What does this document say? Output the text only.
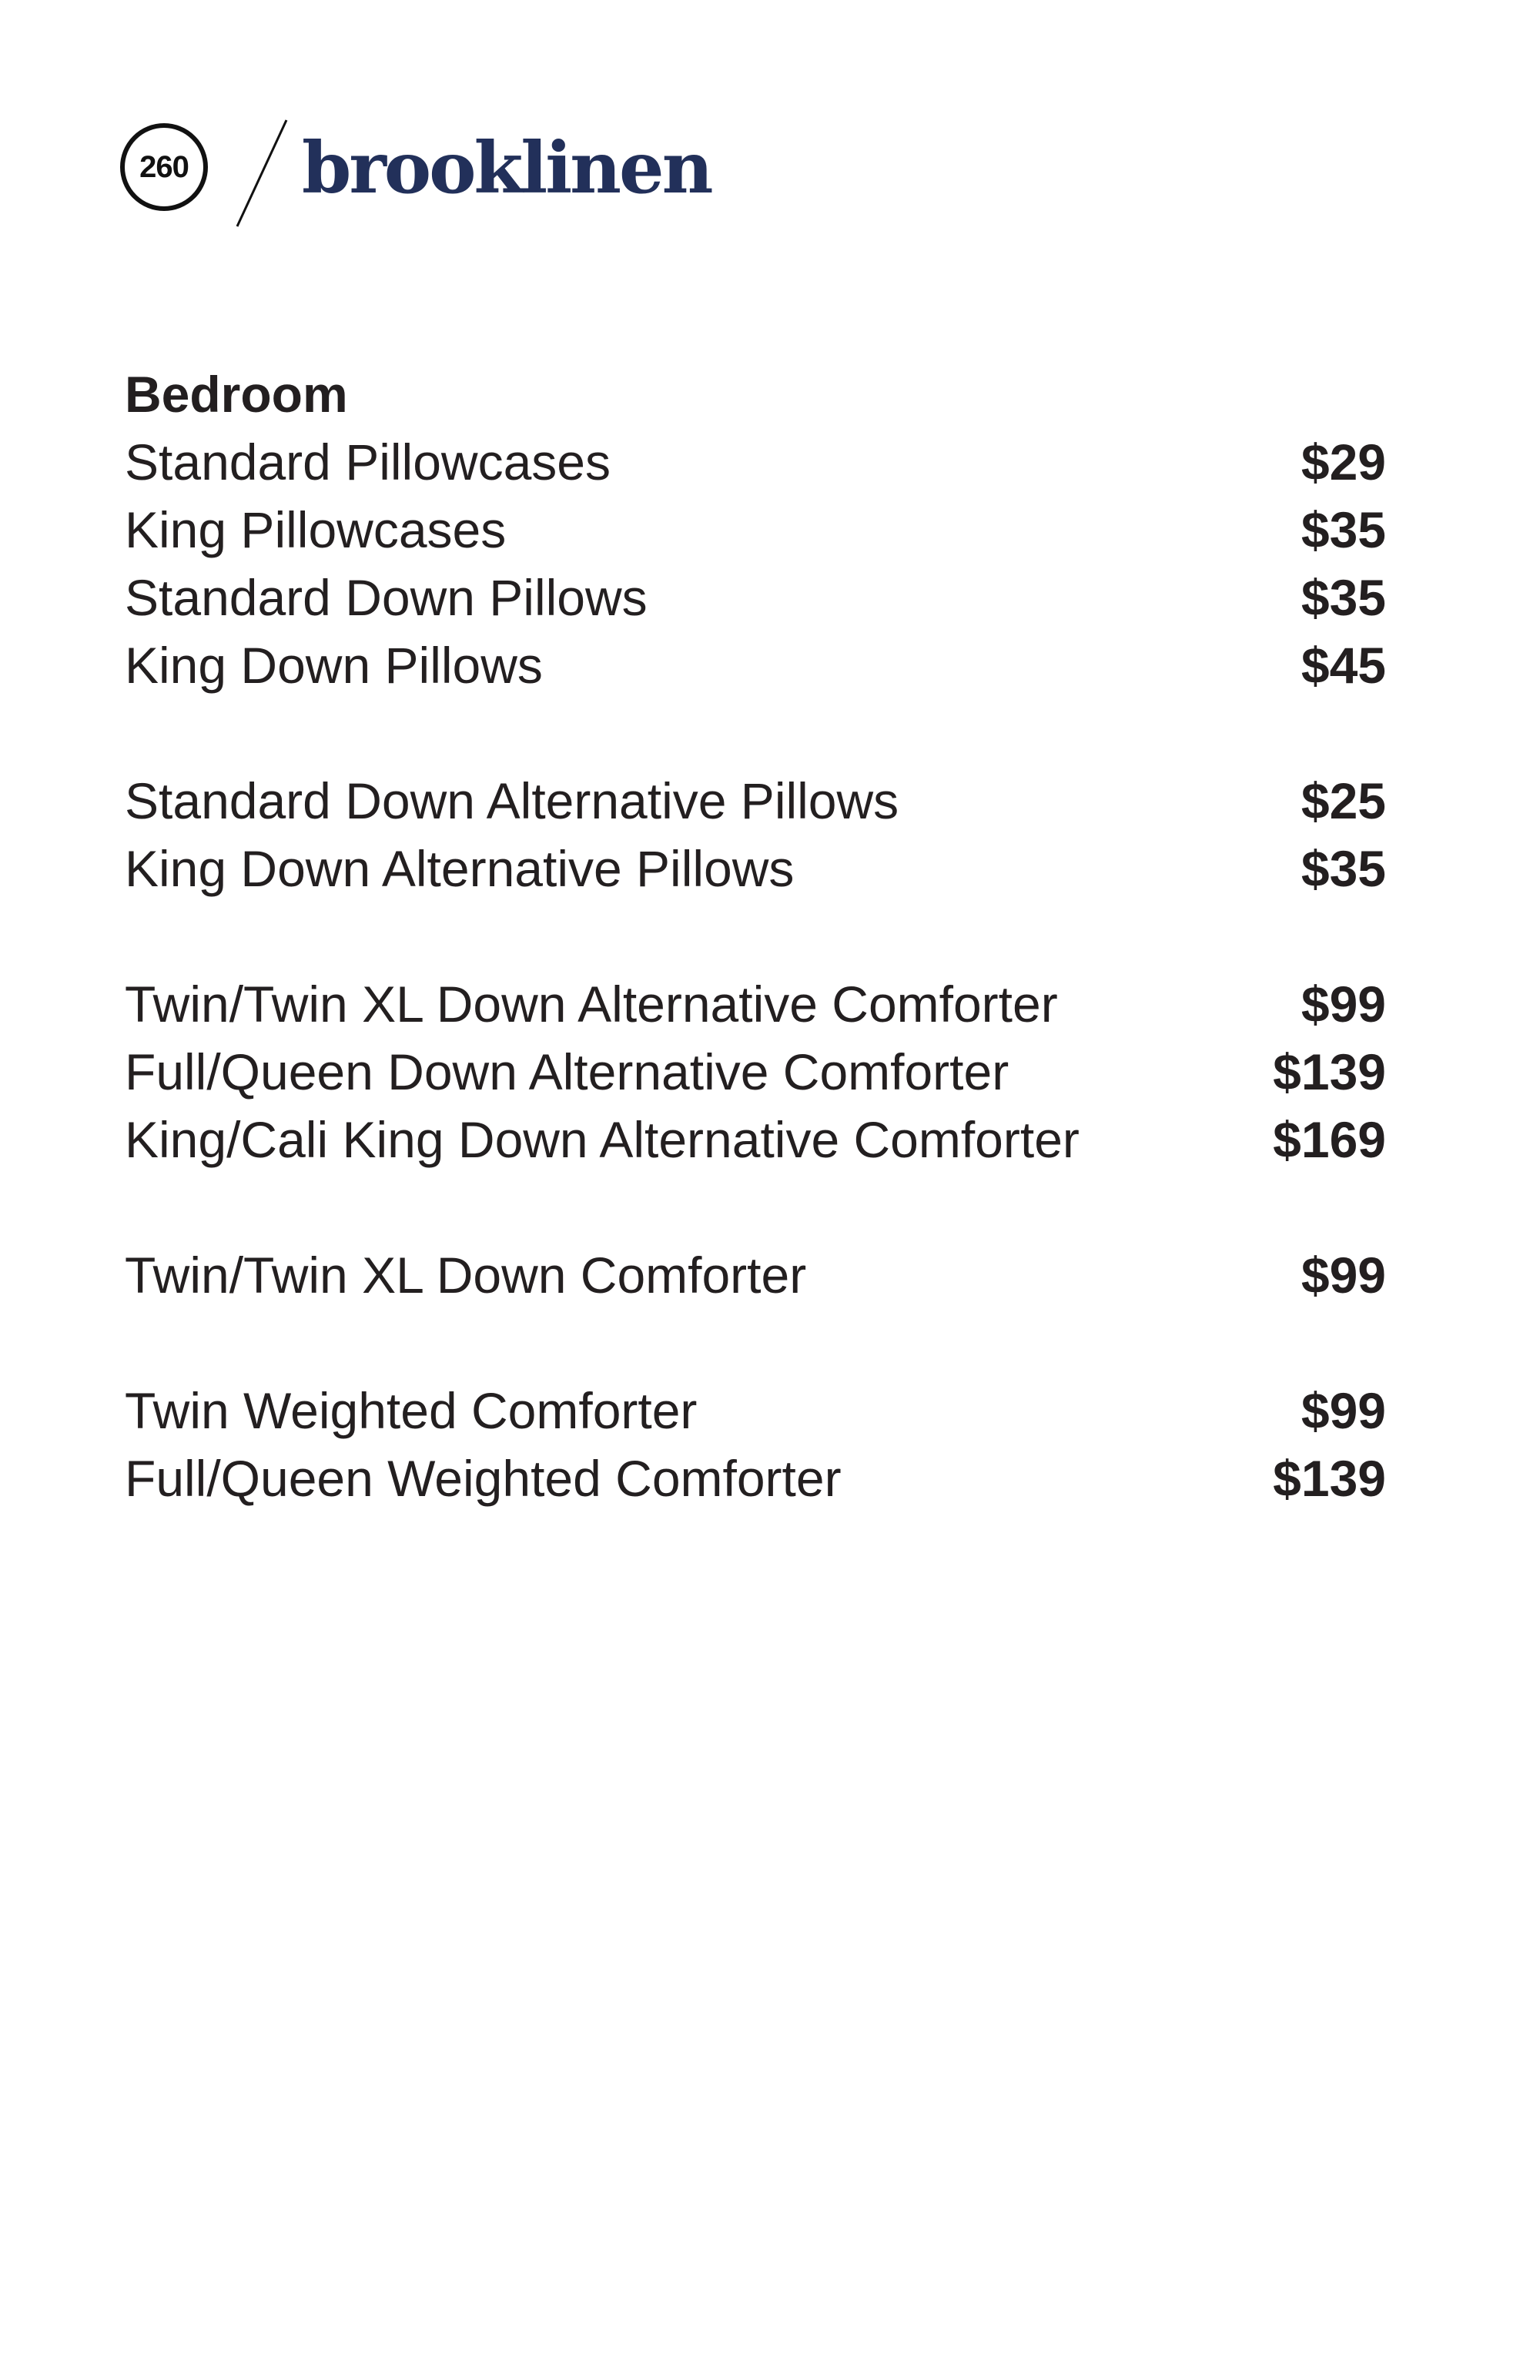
260 brooklinen
Bedroom
Standard Pillowcases	$29
King Pillowcases	$35
Standard Down Pillows	$35
King Down Pillows	$45
Standard Down Alternative Pillows	$25
King Down Alternative Pillows	$35
Twin/Twin XL Down Alternative Comforter	$99
Full/Queen Down Alternative Comforter	$139
King/Cali King Down Alternative Comforter	$169
Twin/Twin XL Down Comforter	$99
Twin Weighted Comforter	$99
Full/Queen Weighted Comforter	$139
